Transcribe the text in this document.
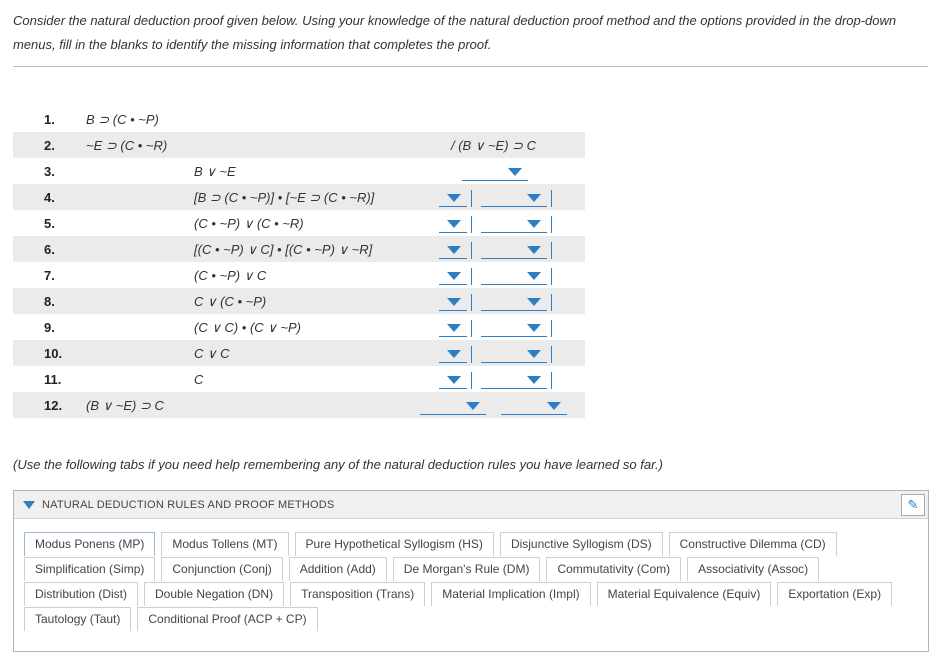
Consider the natural deduction proof given below. Using your knowledge of the natural deduction proof method and the options provided in the drop-down menus, fill in the blanks to identify the missing information that completes the proof.
1. B ⊃ (C • ~P)
2. ~E ⊃ (C • ~R)	/ (B ∨ ~E) ⊃ C
3.	B ∨ ~E
4.	[B ⊃ (C • ~P)] • [~E ⊃ (C • ~R)]
5.	(C • ~P) ∨ (C • ~R)
6.	[(C • ~P) ∨ C] • [(C • ~P) ∨ ~R]
7.	(C • ~P) ∨ C
8.	C ∨ (C • ~P)
9.	(C ∨ C) • (C ∨ ~P)
10.	C ∨ C
11.	C
12. (B ∨ ~E) ⊃ C
(Use the following tabs if you need help remembering any of the natural deduction rules you have learned so far.)
NATURAL DEDUCTION RULES AND PROOF METHODS	✎
Modus Ponens (MP)	Modus Tollens (MT)	Pure Hypothetical Syllogism (HS)	Disjunctive Syllogism (DS)	Constructive Dilemma (CD)
Simplification (Simp)	Conjunction (Conj)	Addition (Add)	De Morgan's Rule (DM)	Commutativity (Com)	Associativity (Assoc)
Distribution (Dist)	Double Negation (DN)	Transposition (Trans)	Material Implication (Impl)	Material Equivalence (Equiv)	Exportation (Exp)
Tautology (Taut)	Conditional Proof (ACP + CP)
